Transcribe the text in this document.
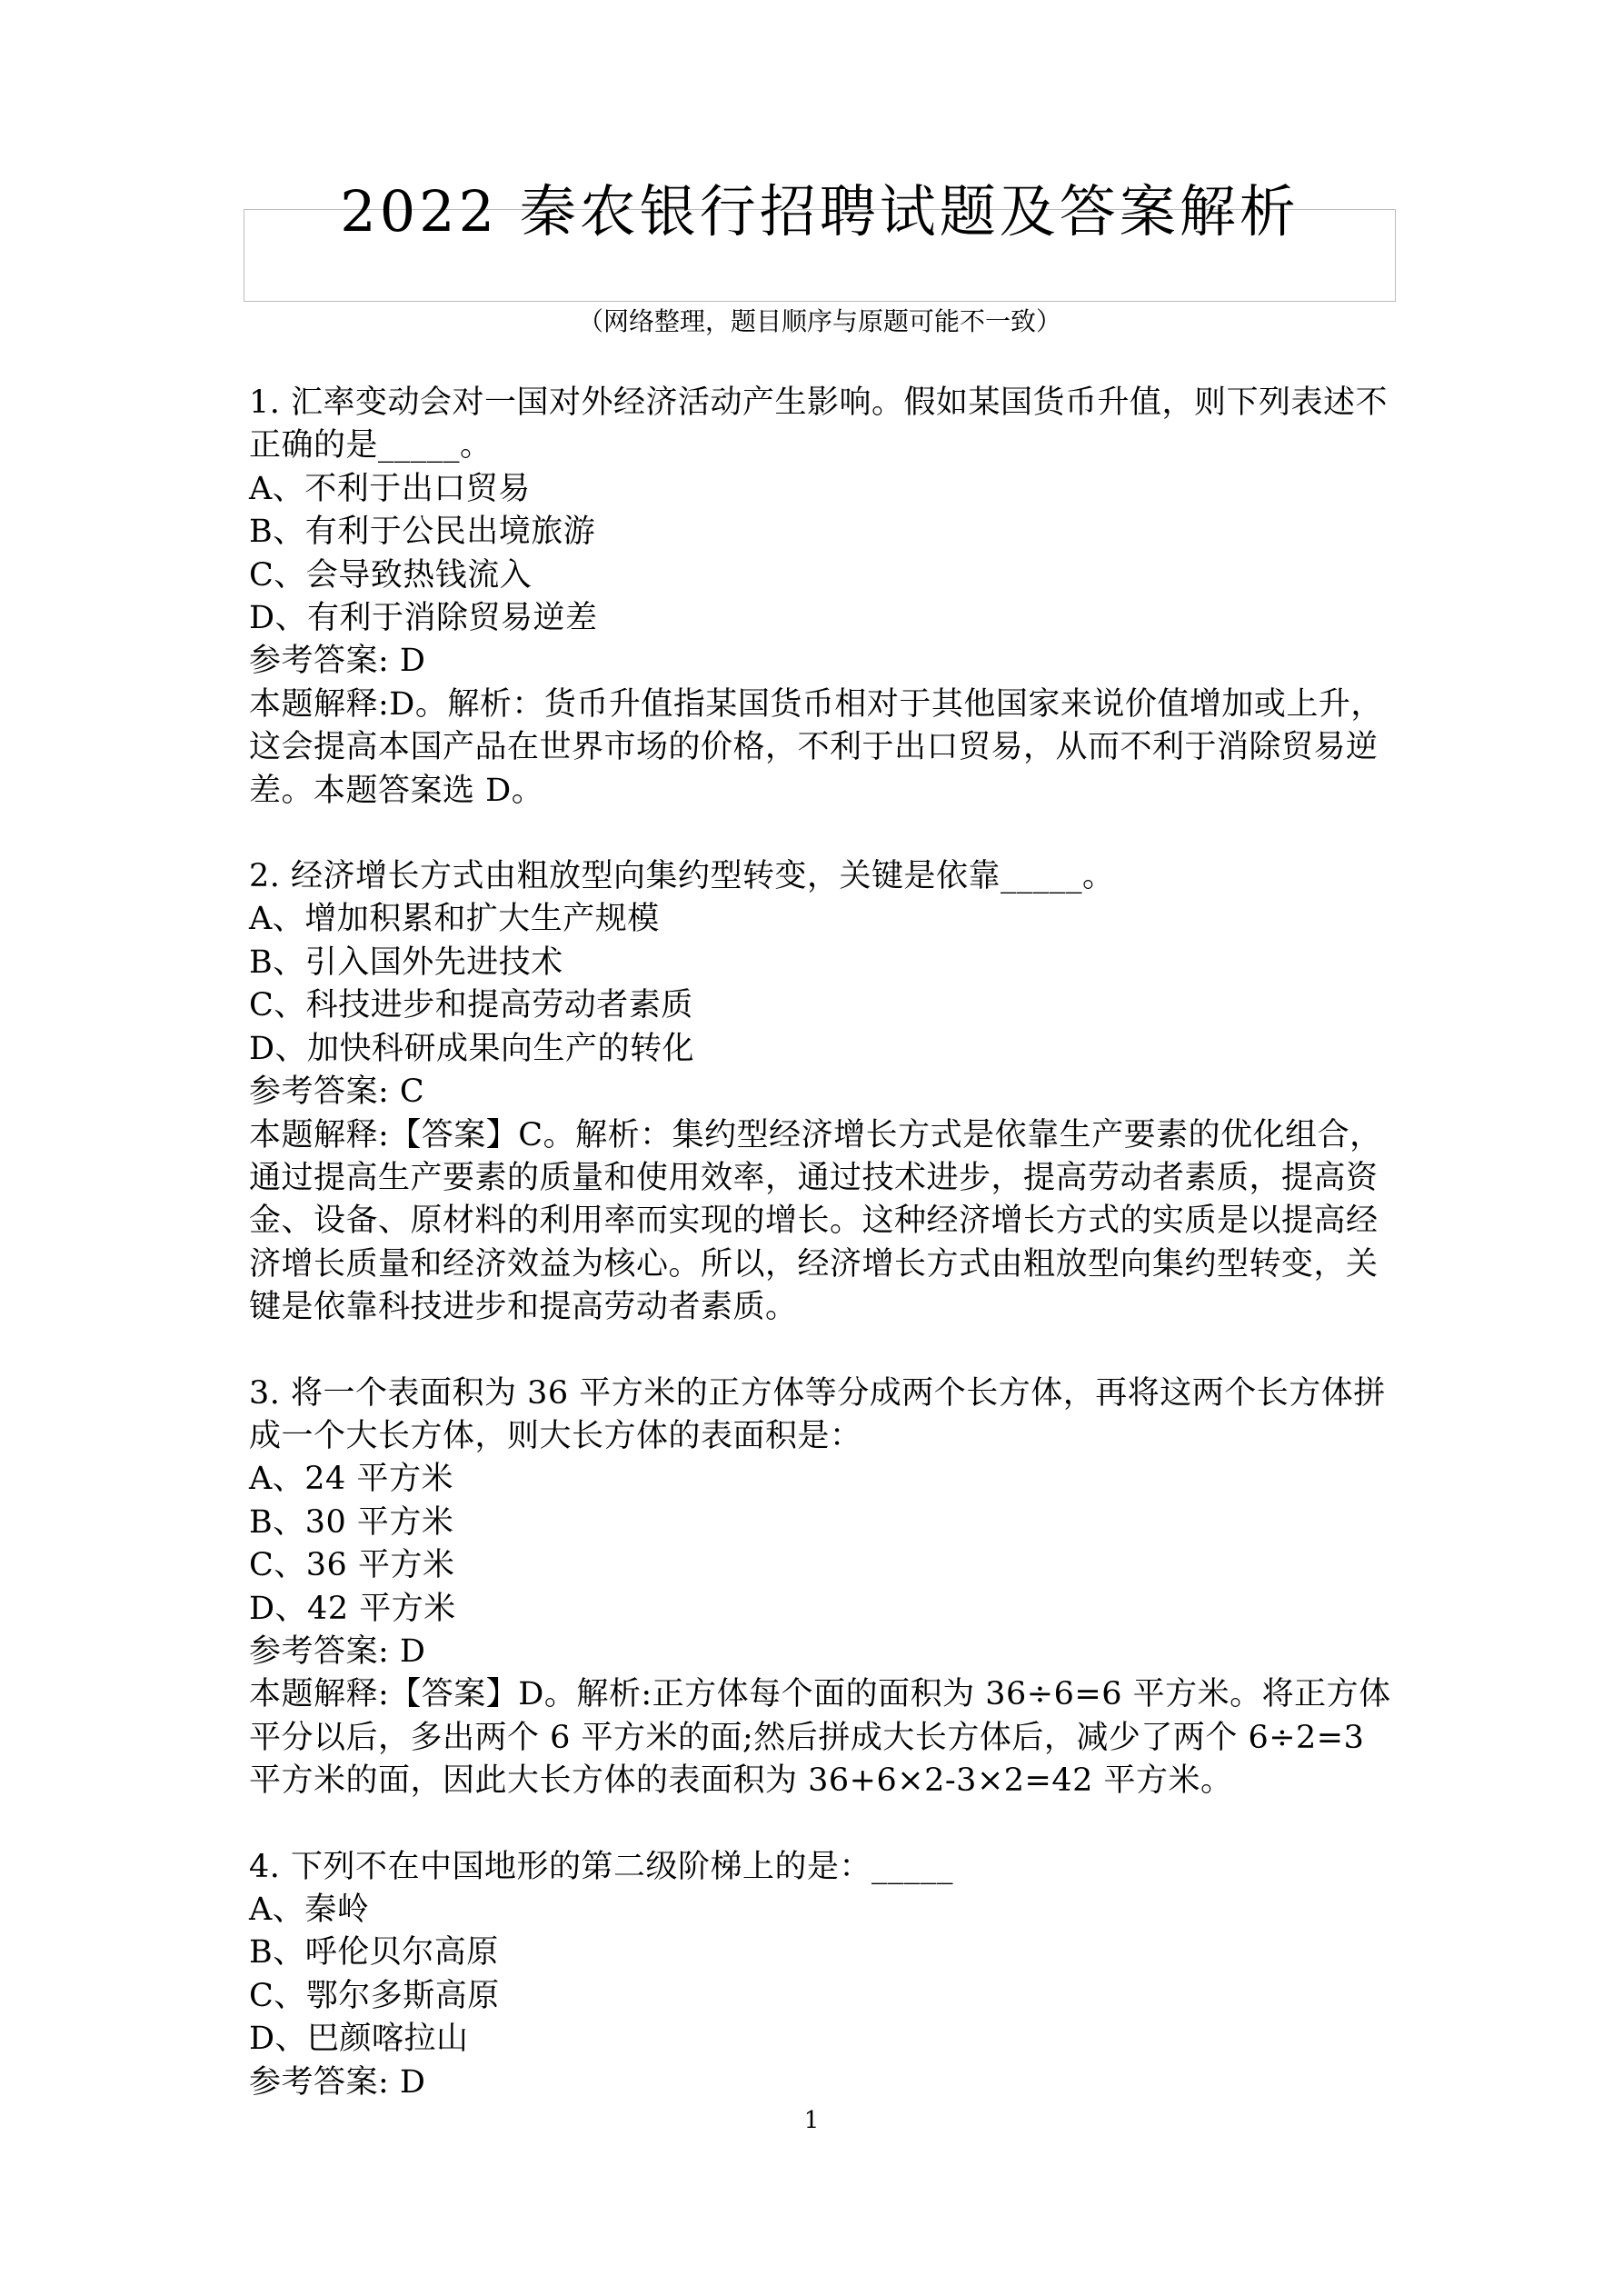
2022 秦农银行招聘试题及答案解析
（网络整理，题目顺序与原题可能不一致）

1. 汇率变动会对一国对外经济活动产生影响。假如某国货币升值，则下列表述不正确的是_____。

A、不利于出口贸易

B、有利于公民出境旅游

C、会导致热钱流入

D、有利于消除贸易逆差

参考答案: D

本题解释:D。解析：货币升值指某国货币相对于其他国家来说价值增加或上升，这会提高本国产品在世界市场的价格，不利于出口贸易，从而不利于消除贸易逆差。本题答案选 D。

2. 经济增长方式由粗放型向集约型转变，关键是依靠_____。

A、增加积累和扩大生产规模

B、引入国外先进技术

C、科技进步和提高劳动者素质

D、加快科研成果向生产的转化

参考答案: C

本题解释:【答案】C。解析：集约型经济增长方式是依靠生产要素的优化组合，通过提高生产要素的质量和使用效率，通过技术进步，提高劳动者素质，提高资金、设备、原材料的利用率而实现的增长。这种经济增长方式的实质是以提高经济增长质量和经济效益为核心。所以，经济增长方式由粗放型向集约型转变，关键是依靠科技进步和提高劳动者素质。

3. 将一个表面积为 36 平方米的正方体等分成两个长方体，再将这两个长方体拼成一个大长方体，则大长方体的表面积是：

A、24 平方米

B、30 平方米

C、36 平方米

D、42 平方米

参考答案: D

本题解释:【答案】D。解析:正方体每个面的面积为 36÷6=6 平方米。将正方体平分以后，多出两个 6 平方米的面;然后拼成大长方体后，减少了两个 6÷2=3 平方米的面，因此大长方体的表面积为 36+6×2-3×2=42 平方米。

4. 下列不在中国地形的第二级阶梯上的是：_____

A、秦岭

B、呼伦贝尔高原

C、鄂尔多斯高原

D、巴颜喀拉山

参考答案: D

1
